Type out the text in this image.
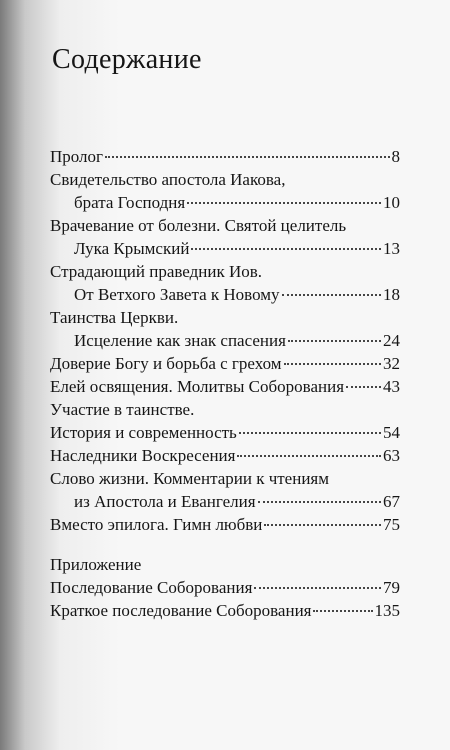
Содержание
Пролог	8
Свидетельство апостола Иакова,
брата Господня	10
Врачевание от болезни. Святой целитель
Лука Крымский	13
Страдающий праведник Иов.
От Ветхого Завета к Новому	18
Таинства Церкви.
Исцеление как знак спасения	24
Доверие Богу и борьба с грехом	32
Елей освящения. Молитвы Соборования 43
Участие в таинстве.
История и современность	54
Наследники Воскресения	63
Слово жизни. Комментарии к чтениям
из Апостола и Евангелия	67
Вместо эпилога. Гимн любви	75
Приложение
Последование Соборования	79
Краткое последование Соборования	135
